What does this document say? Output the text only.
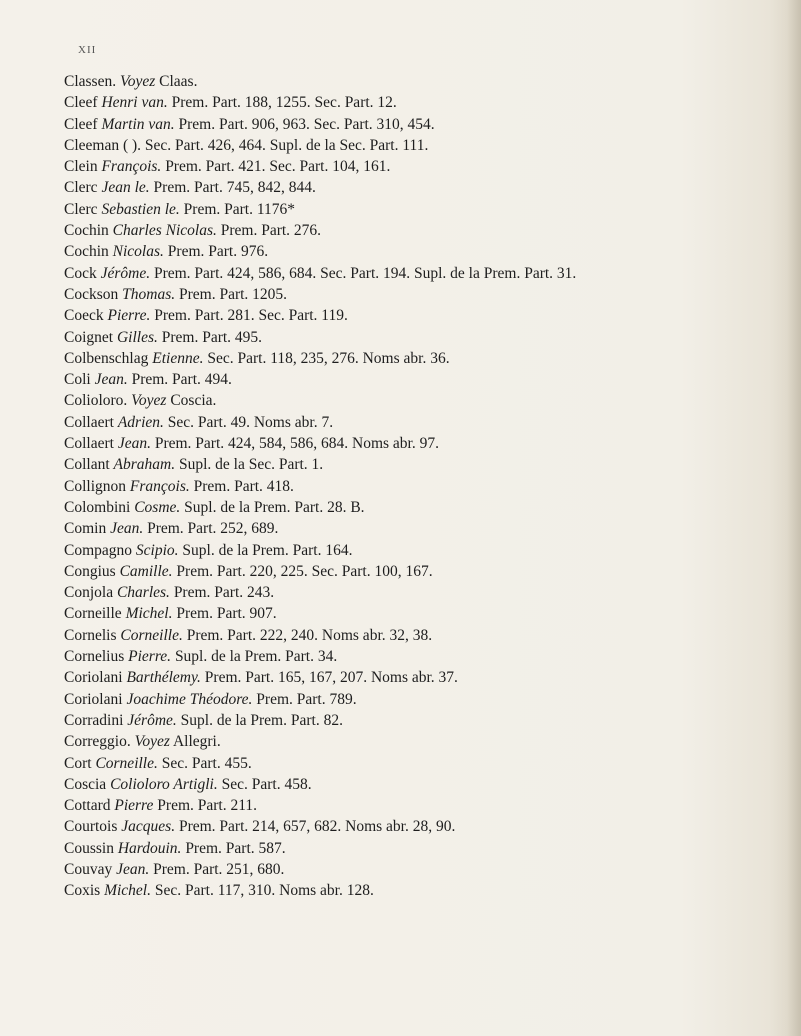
XII
Classen. Voyez Claas.
Cleef Henri van. Prem. Part. 188, 1255. Sec. Part. 12.
Cleef Martin van. Prem. Part. 906, 963. Sec. Part. 310, 454.
Cleeman ( ). Sec. Part. 426, 464. Supl. de la Sec. Part. 111.
Clein François. Prem. Part. 421. Sec. Part. 104, 161.
Clerc Jean le. Prem. Part. 745, 842, 844.
Clerc Sebastien le. Prem. Part. 1176*
Cochin Charles Nicolas. Prem. Part. 276.
Cochin Nicolas. Prem. Part. 976.
Cock Jérôme. Prem. Part. 424, 586, 684. Sec. Part. 194. Supl. de la Prem. Part. 31.
Cockson Thomas. Prem. Part. 1205.
Coeck Pierre. Prem. Part. 281. Sec. Part. 119.
Coignet Gilles. Prem. Part. 495.
Colbenschlag Etienne. Sec. Part. 118, 235, 276. Noms abr. 36.
Coli Jean. Prem. Part. 494.
Colioloro. Voyez Coscia.
Collaert Adrien. Sec. Part. 49. Noms abr. 7.
Collaert Jean. Prem. Part. 424, 584, 586, 684. Noms abr. 97.
Collant Abraham. Supl. de la Sec. Part. 1.
Collignon François. Prem. Part. 418.
Colombini Cosme. Supl. de la Prem. Part. 28. B.
Comin Jean. Prem. Part. 252, 689.
Compagno Scipio. Supl. de la Prem. Part. 164.
Congius Camille. Prem. Part. 220, 225. Sec. Part. 100, 167.
Conjola Charles. Prem. Part. 243.
Corneille Michel. Prem. Part. 907.
Cornelis Corneille. Prem. Part. 222, 240. Noms abr. 32, 38.
Cornelius Pierre. Supl. de la Prem. Part. 34.
Coriolani Barthélemy. Prem. Part. 165, 167, 207. Noms abr. 37.
Coriolani Joachime Théodore. Prem. Part. 789.
Corradini Jérôme. Supl. de la Prem. Part. 82.
Correggio. Voyez Allegri.
Cort Corneille. Sec. Part. 455.
Coscia Colioloro Artigli. Sec. Part. 458.
Cottard Pierre Prem. Part. 211.
Courtois Jacques. Prem. Part. 214, 657, 682. Noms abr. 28, 90.
Coussin Hardouin. Prem. Part. 587.
Couvay Jean. Prem. Part. 251, 680.
Coxis Michel. Sec. Part. 117, 310. Noms abr. 128.
